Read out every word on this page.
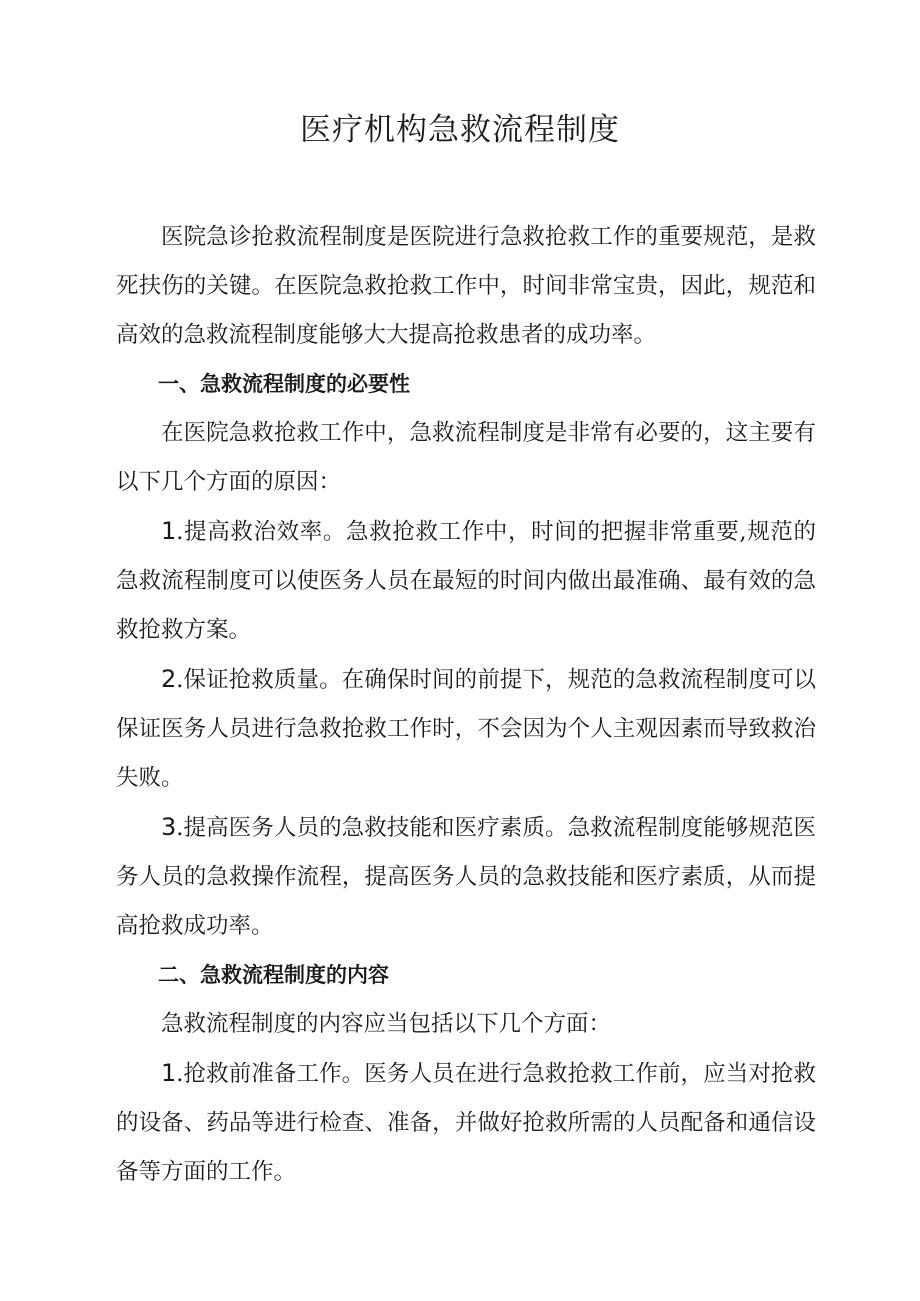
医疗机构急救流程制度

医院急诊抢救流程制度是医院进行急救抢救工作的重要规范，是救死扶伤的关键。在医院急救抢救工作中，时间非常宝贵，因此，规范和高效的急救流程制度能够大大提高抢救患者的成功率。

一、急救流程制度的必要性

在医院急救抢救工作中，急救流程制度是非常有必要的，这主要有以下几个方面的原因：

1.提高救治效率。急救抢救工作中，时间的把握非常重要,规范的急救流程制度可以使医务人员在最短的时间内做出最准确、最有效的急救抢救方案。

2.保证抢救质量。在确保时间的前提下，规范的急救流程制度可以保证医务人员进行急救抢救工作时，不会因为个人主观因素而导致救治失败。

3.提高医务人员的急救技能和医疗素质。急救流程制度能够规范医务人员的急救操作流程，提高医务人员的急救技能和医疗素质，从而提高抢救成功率。

二、急救流程制度的内容

急救流程制度的内容应当包括以下几个方面：

1.抢救前准备工作。医务人员在进行急救抢救工作前，应当对抢救的设备、药品等进行检查、准备，并做好抢救所需的人员配备和通信设备等方面的工作。
